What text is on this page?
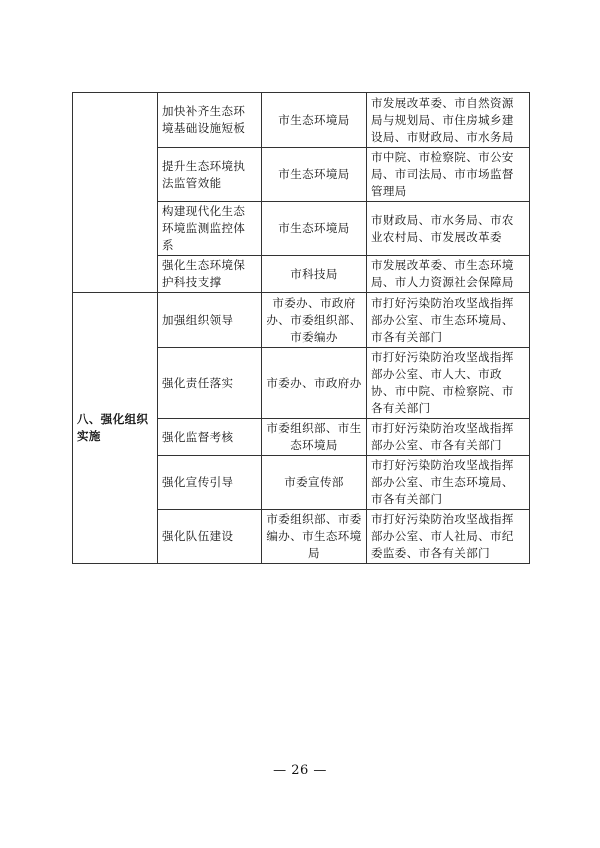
	加快补齐生态环境基础设施短板	市生态环境局	市发展改革委、市自然资源局与规划局、市住房城乡建设局、市财政局、市水务局
	提升生态环境执法监管效能	市生态环境局	市中院、市检察院、市公安局、市司法局、市市场监督管理局
	构建现代化生态环境监测监控体系	市生态环境局	市财政局、市水务局、市农业农村局、市发展改革委
	强化生态环境保护科技支撑	市科技局	市发展改革委、市生态环境局、市人力资源社会保障局
八、强化组织实施	加强组织领导	市委办、市政府办、市委组织部、市委编办	市打好污染防治攻坚战指挥部办公室、市生态环境局、市各有关部门
	强化责任落实	市委办、市政府办	市打好污染防治攻坚战指挥部办公室、市人大、市政协、市中院、市检察院、市各有关部门
	强化监督考核	市委组织部、市生态环境局	市打好污染防治攻坚战指挥部办公室、市各有关部门
	强化宣传引导	市委宣传部	市打好污染防治攻坚战指挥部办公室、市生态环境局、市各有关部门
	强化队伍建设	市委组织部、市委编办、市生态环境局	市打好污染防治攻坚战指挥部办公室、市人社局、市纪委监委、市各有关部门
— 26 —
